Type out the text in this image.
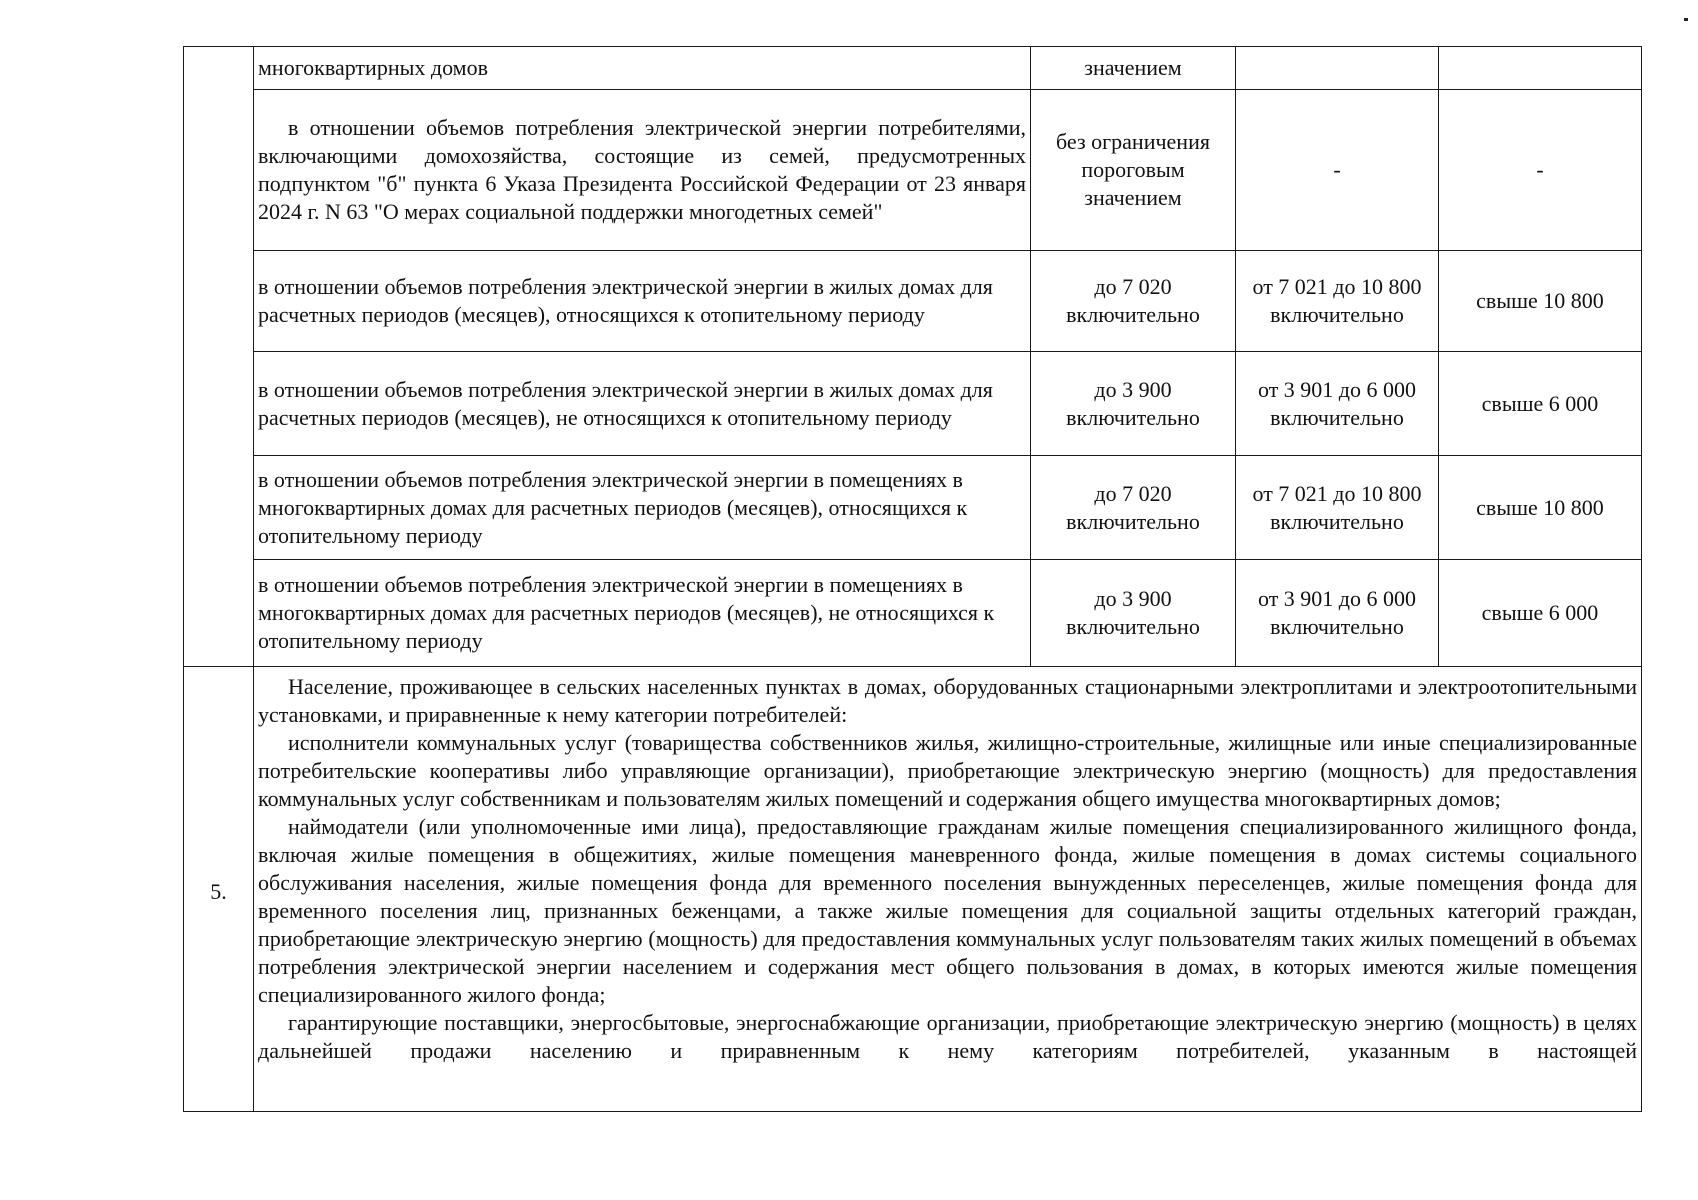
	многоквартирных домов	значением		
	в отношении объемов потребления электрической энергии потребителями, включающими домохозяйства, состоящие из семей, предусмотренных подпунктом "б" пункта 6 Указа Президента Российской Федерации от 23 января 2024 г. N 63 "О мерах социальной поддержки многодетных семей"	без ограничения пороговым значением	-	-
	в отношении объемов потребления электрической энергии в жилых домах для расчетных периодов (месяцев), относящихся к отопительному периоду	до 7 020 включительно	от 7 021 до 10 800 включительно	свыше 10 800
	в отношении объемов потребления электрической энергии в жилых домах для расчетных периодов (месяцев), не относящихся к отопительному периоду	до 3 900 включительно	от 3 901 до 6 000 включительно	свыше 6 000
	в отношении объемов потребления электрической энергии в помещениях в многоквартирных домах для расчетных периодов (месяцев), относящихся к отопительному периоду	до 7 020 включительно	от 7 021 до 10 800 включительно	свыше 10 800
	в отношении объемов потребления электрической энергии в помещениях в многоквартирных домах для расчетных периодов (месяцев), не относящихся к отопительному периоду	до 3 900 включительно	от 3 901 до 6 000 включительно	свыше 6 000
5.	Население, проживающее в сельских населенных пунктах в домах, оборудованных стационарными электроплитами и электроотопительными установками, и приравненные к нему категории потребителей:

исполнители коммунальных услуг (товарищества собственников жилья, жилищно-строительные, жилищные или иные специализированные потребительские кооперативы либо управляющие организации), приобретающие электрическую энергию (мощность) для предоставления коммунальных услуг собственникам и пользователям жилых помещений и содержания общего имущества многоквартирных домов;

наймодатели (или уполномоченные ими лица), предоставляющие гражданам жилые помещения специализированного жилищного фонда, включая жилые помещения в общежитиях, жилые помещения маневренного фонда, жилые помещения в домах системы социального обслуживания населения, жилые помещения фонда для временного поселения вынужденных переселенцев, жилые помещения фонда для временного поселения лиц, признанных беженцами, а также жилые помещения для социальной защиты отдельных категорий граждан, приобретающие электрическую энергию (мощность) для предоставления коммунальных услуг пользователям таких жилых помещений в объемах потребления электрической энергии населением и содержания мест общего пользования в домах, в которых имеются жилые помещения специализированного жилого фонда;

гарантирующие поставщики, энергосбытовые, энергоснабжающие организации, приобретающие электрическую энергию (мощность) в целях дальнейшей продажи населению и приравненным к нему категориям потребителей, указанным в настоящей			
